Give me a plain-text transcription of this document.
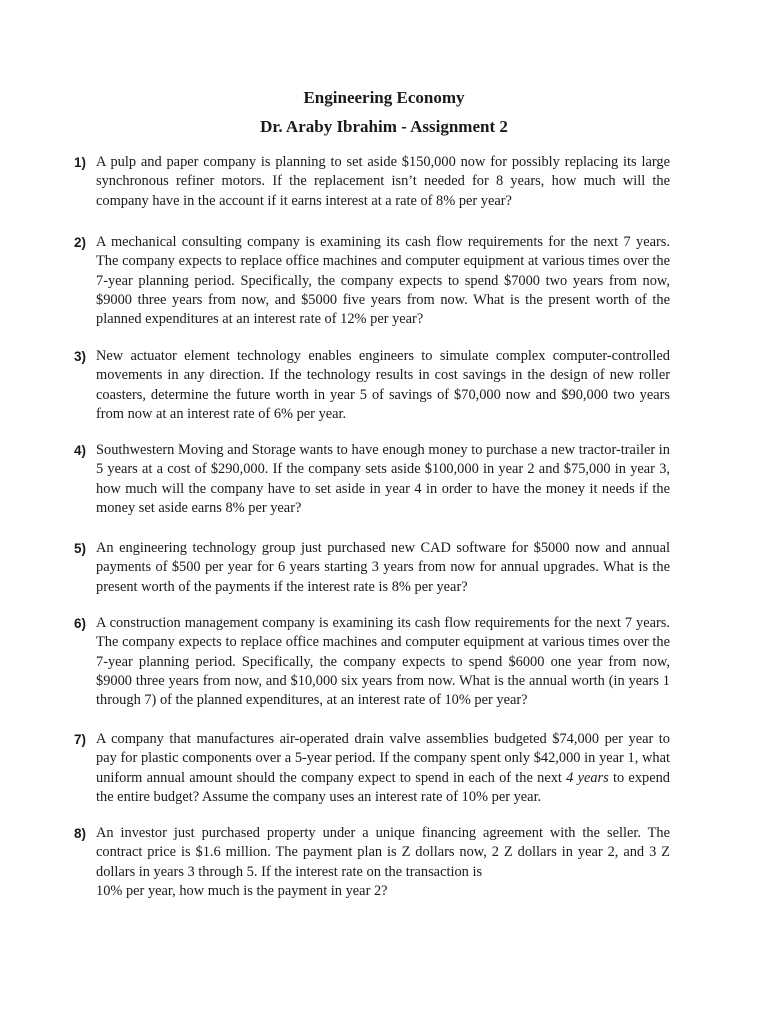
Engineering Economy
Dr. Araby Ibrahim - Assignment 2
1) A pulp and paper company is planning to set aside $150,000 now for possibly replacing its large synchronous refiner motors. If the replacement isn’t needed for 8 years, how much will the company have in the account if it earns interest at a rate of 8% per year?
2) A mechanical consulting company is examining its cash flow requirements for the next 7 years. The company expects to replace office machines and computer equipment at various times over the 7-year planning period. Specifically, the company expects to spend $7000 two years from now, $9000 three years from now, and $5000 five years from now. What is the present worth of the planned expenditures at an interest rate of 12% per year?
3) New actuator element technology enables engineers to simulate complex computer-controlled movements in any direction. If the technology results in cost savings in the design of new roller coasters, determine the future worth in year 5 of savings of $70,000 now and $90,000 two years from now at an interest rate of 6% per year.
4) Southwestern Moving and Storage wants to have enough money to purchase a new tractor-trailer in 5 years at a cost of $290,000. If the company sets aside $100,000 in year 2 and $75,000 in year 3, how much will the company have to set aside in year 4 in order to have the money it needs if the money set aside earns 8% per year?
5) An engineering technology group just purchased new CAD software for $5000 now and annual payments of $500 per year for 6 years starting 3 years from now for annual upgrades. What is the present worth of the payments if the interest rate is 8% per year?
6) A construction management company is examining its cash flow requirements for the next 7 years. The company expects to replace office machines and computer equipment at various times over the 7-year planning period. Specifically, the company expects to spend $6000 one year from now, $9000 three years from now, and $10,000 six years from now. What is the annual worth (in years 1 through 7) of the planned expenditures, at an interest rate of 10% per year?
7) A company that manufactures air-operated drain valve assemblies budgeted $74,000 per year to pay for plastic components over a 5-year period. If the company spent only $42,000 in year 1, what uniform annual amount should the company expect to spend in each of the next 4 years to expend the entire budget? Assume the company uses an interest rate of 10% per year.
8) An investor just purchased property under a unique financing agreement with the seller. The contract price is $1.6 million. The payment plan is Z dollars now, 2 Z dollars in year 2, and 3 Z dollars in years 3 through 5. If the interest rate on the transaction is
10% per year, how much is the payment in year 2?
